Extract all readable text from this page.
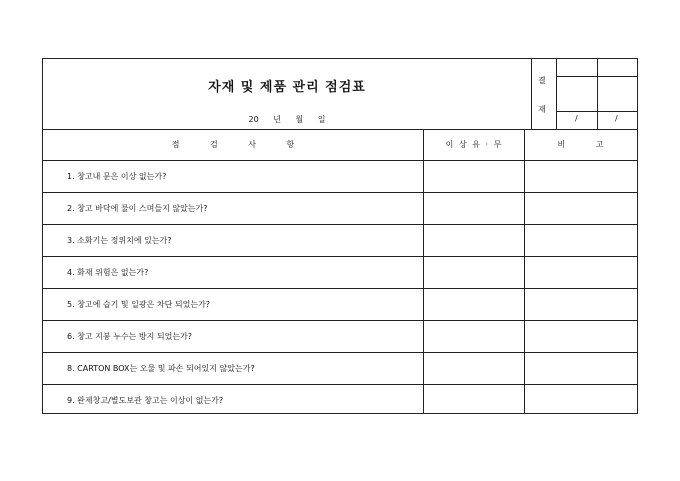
자재 및 제품 관리 점검표
20 년 월 일
결
재
/	/
점 검 사 항	이 상 유 · 무	비 고
1. 창고내 문은 이상 없는가?
2. 창고 바닥에 물이 스며들지 않았는가?
3. 소화기는 정위치에 있는가?
4. 화재 위험은 없는가?
5. 창고에 습기 및 일광은 차단 되었는가?
6. 창고 지붕 누수는 방지 되었는가?
8. CARTON BOX는 오물 및 파손 되어있지 않았는가?
9. 완제창고/별도보관 창고는 이상이 없는가?
